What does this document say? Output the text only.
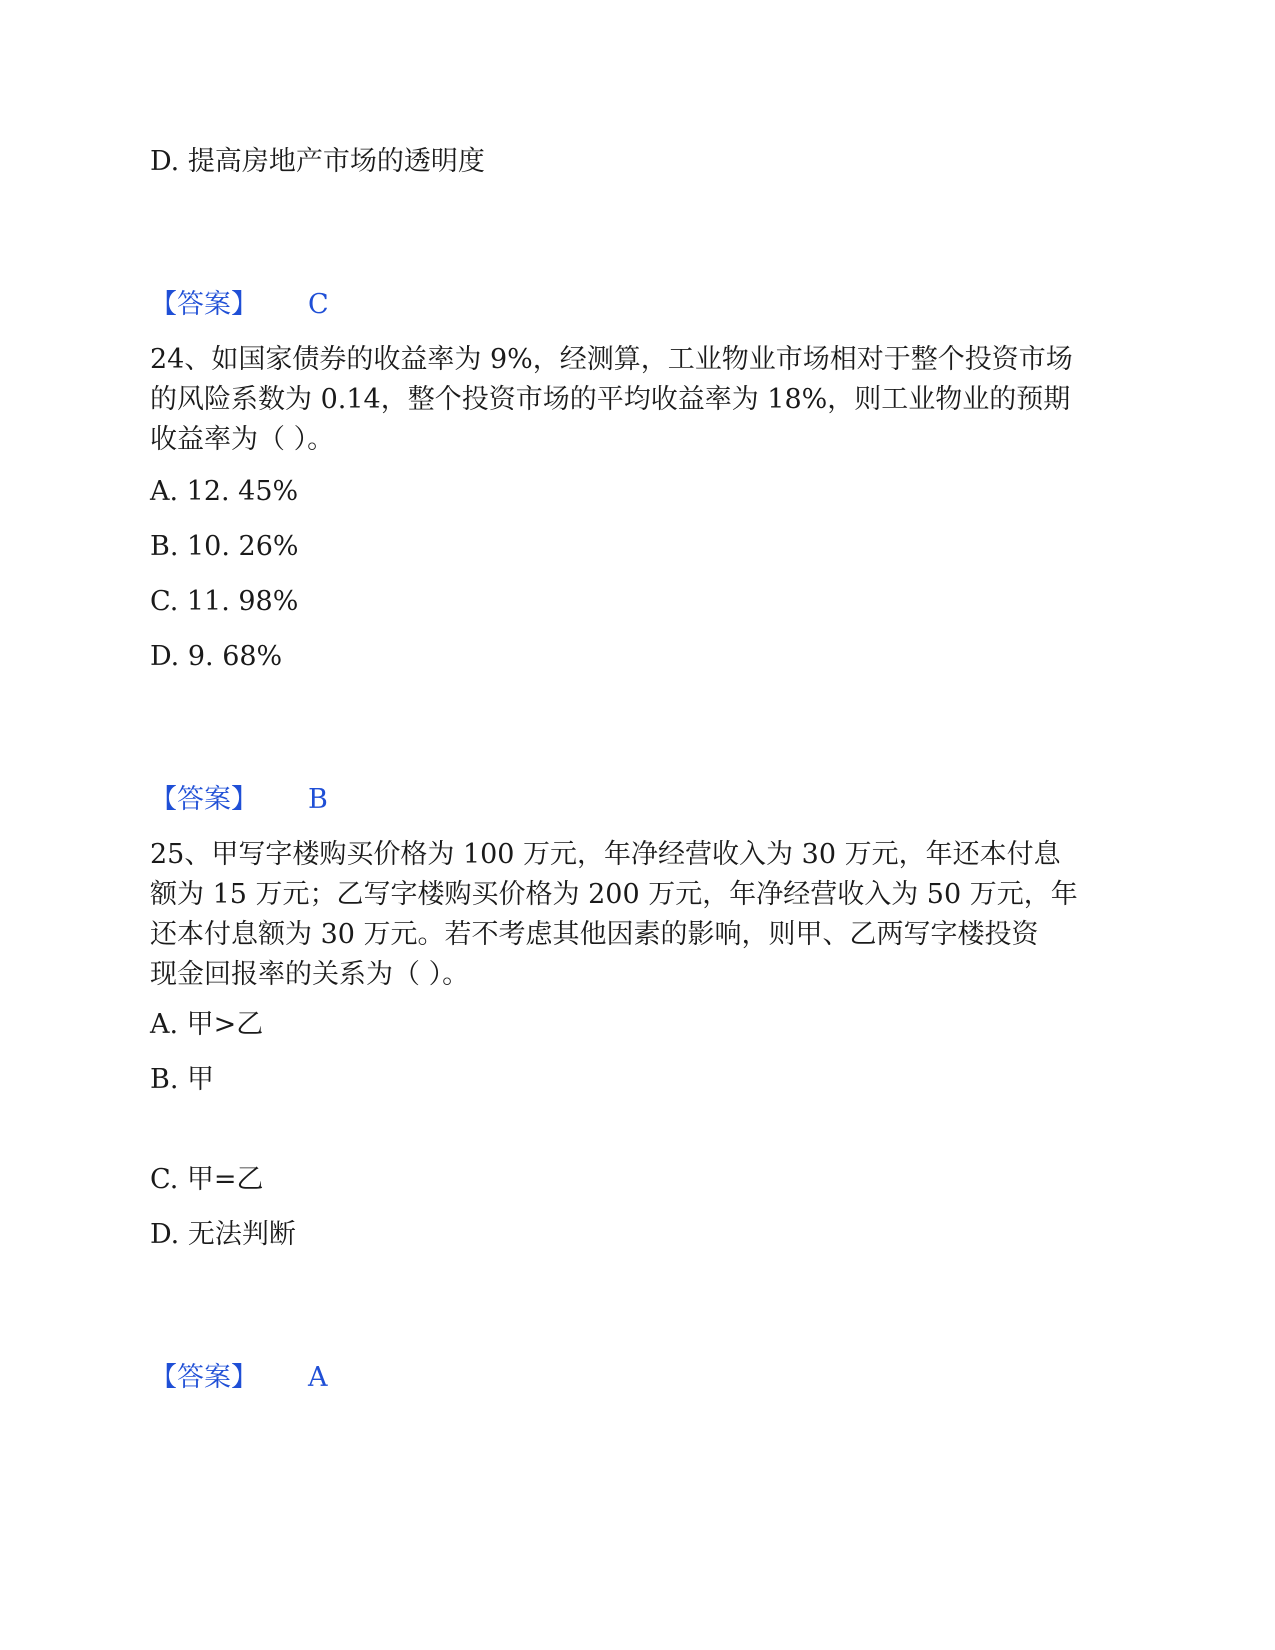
D. 提高房地产市场的透明度
【答案】 C
24、如国家债券的收益率为 9%，经测算，工业物业市场相对于整个投资市场
的风险系数为 0.14，整个投资市场的平均收益率为 18%，则工业物业的预期
收益率为（ ）。
A. 12. 45%
B. 10. 26%
C. 11. 98%
D. 9. 68%
【答案】 B
25、甲写字楼购买价格为 100 万元，年净经营收入为 30 万元，年还本付息
额为 15 万元；乙写字楼购买价格为 200 万元，年净经营收入为 50 万元，年
还本付息额为 30 万元。若不考虑其他因素的影响，则甲、乙两写字楼投资
现金回报率的关系为（ ）。
A. 甲>乙
B. 甲
C. 甲=乙
D. 无法判断
【答案】 A
